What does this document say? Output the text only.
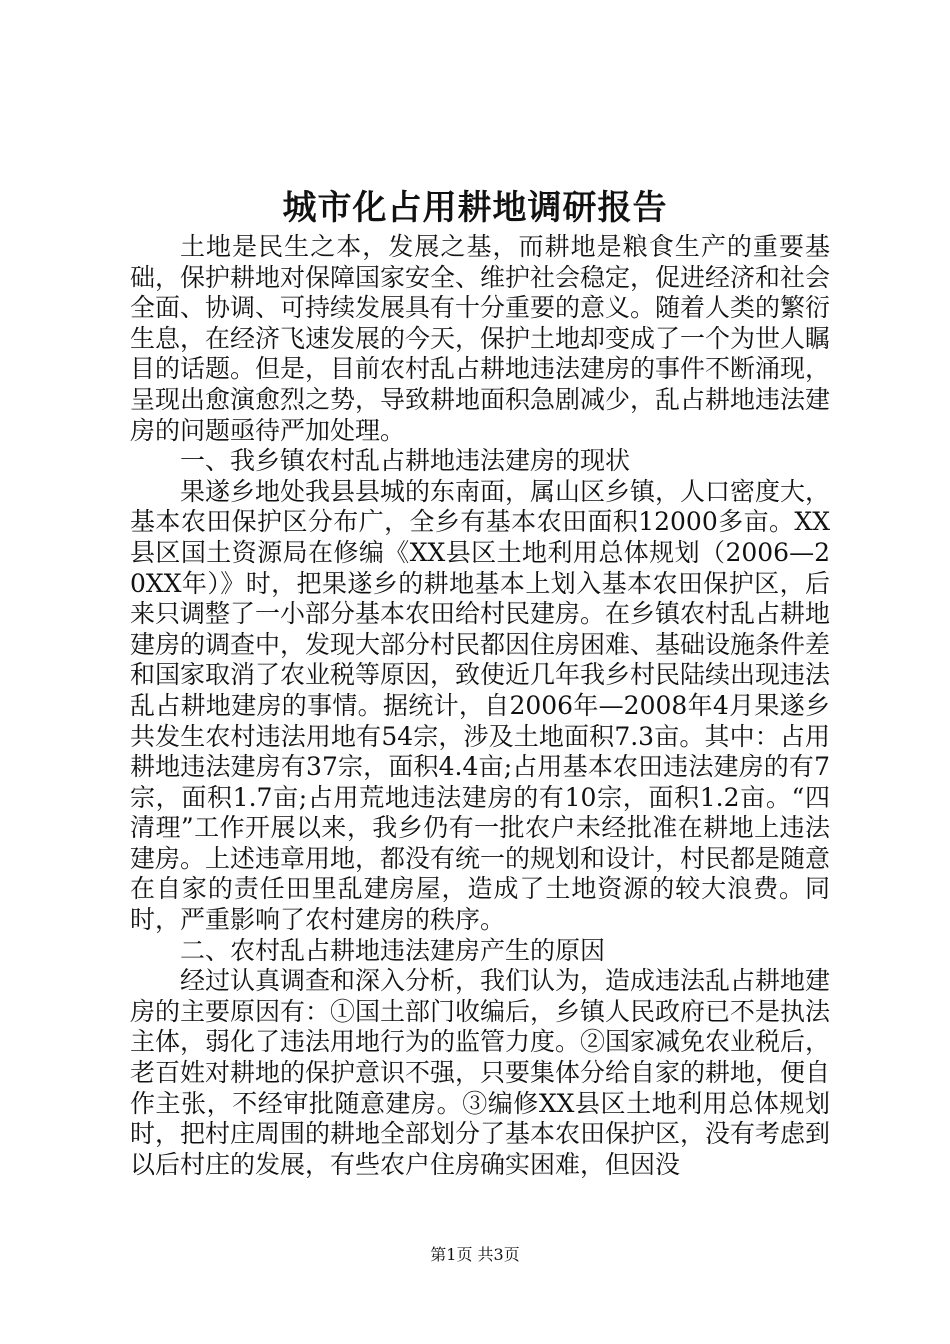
城市化占用耕地调研报告

土地是民生之本，发展之基，而耕地是粮食生产的重要基础，保护耕地对保障国家安全、维护社会稳定，促进经济和社会全面、协调、可持续发展具有十分重要的意义。随着人类的繁衍生息，在经济飞速发展的今天，保护土地却变成了一个为世人瞩目的话题。但是，目前农村乱占耕地违法建房的事件不断涌现，呈现出愈演愈烈之势，导致耕地面积急剧减少，乱占耕地违法建房的问题亟待严加处理。

一、我乡镇农村乱占耕地违法建房的现状

果遂乡地处我县县城的东南面，属山区乡镇，人口密度大，基本农田保护区分布广，全乡有基本农田面积12000多亩。XX县区国土资源局在修编《XX县区土地利用总体规划（2006—20XX年）》时，把果遂乡的耕地基本上划入基本农田保护区，后来只调整了一小部分基本农田给村民建房。在乡镇农村乱占耕地建房的调查中，发现大部分村民都因住房困难、基础设施条件差和国家取消了农业税等原因，致使近几年我乡村民陆续出现违法乱占耕地建房的事情。据统计，自2006年—2008年4月果遂乡共发生农村违法用地有54宗，涉及土地面积7.3亩。其中：占用耕地违法建房有37宗，面积4.4亩;占用基本农田违法建房的有7宗，面积1.7亩;占用荒地违法建房的有10宗，面积1.2亩。“四清理”工作开展以来，我乡仍有一批农户未经批准在耕地上违法建房。上述违章用地，都没有统一的规划和设计，村民都是随意在自家的责任田里乱建房屋，造成了土地资源的较大浪费。同时，严重影响了农村建房的秩序。

二、农村乱占耕地违法建房产生的原因

经过认真调查和深入分析，我们认为，造成违法乱占耕地建房的主要原因有：①国土部门收编后，乡镇人民政府已不是执法主体，弱化了违法用地行为的监管力度。②国家减免农业税后，老百姓对耕地的保护意识不强，只要集体分给自家的耕地，便自作主张，不经审批随意建房。③编修XX县区土地利用总体规划时，把村庄周围的耕地全部划分了基本农田保护区，没有考虑到以后村庄的发展，有些农户住房确实困难，但因没

第1页 共3页
